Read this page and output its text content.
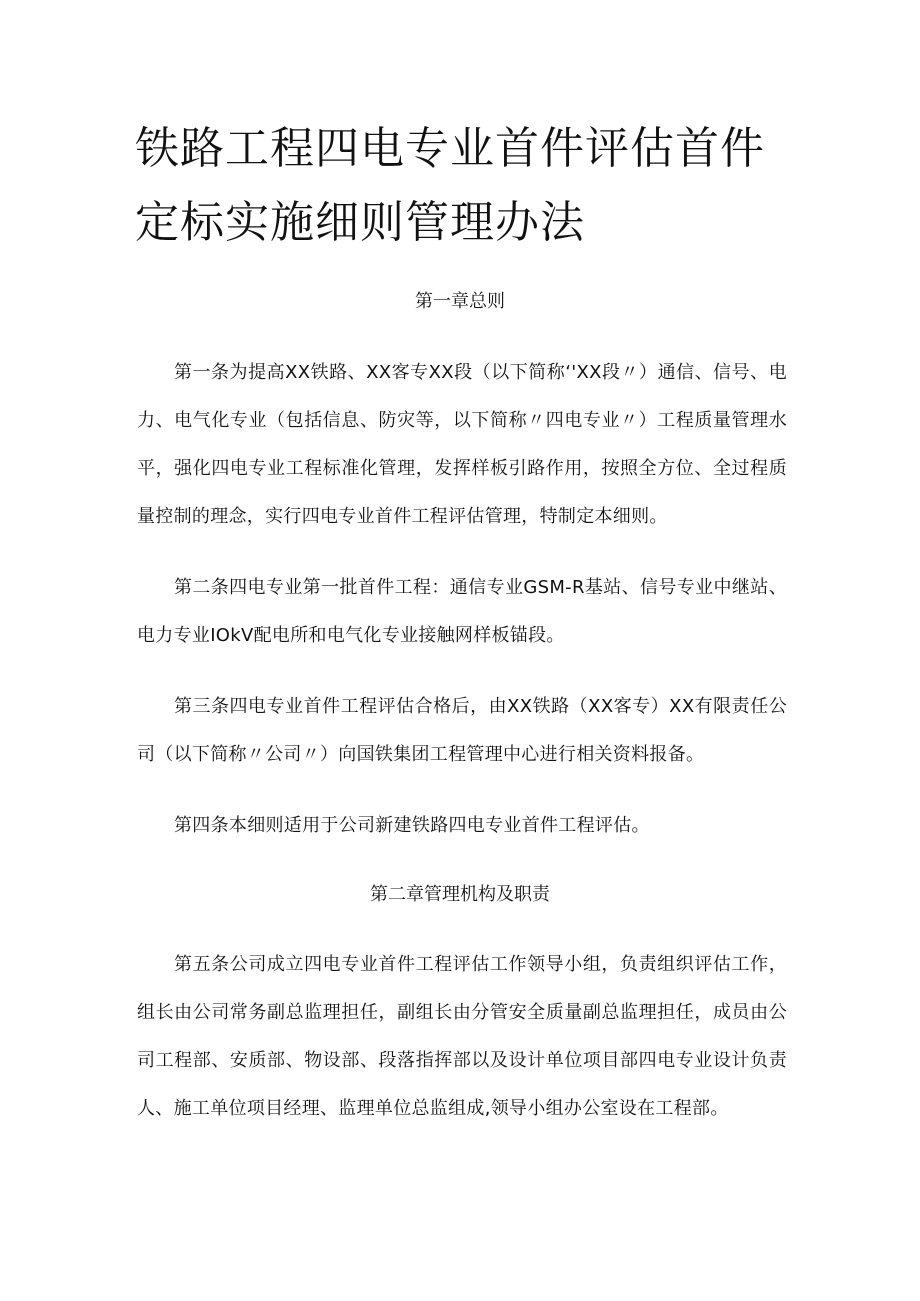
铁路工程四电专业首件评估首件定标实施细则管理办法

第一章总则

第一条为提高XX铁路、XX客专XX段（以下简称‘'XX段〃）通信、信号、电力、电气化专业（包括信息、防灾等，以下简称〃四电专业〃）工程质量管理水平，强化四电专业工程标准化管理，发挥样板引路作用，按照全方位、全过程质量控制的理念，实行四电专业首件工程评估管理，特制定本细则。

第二条四电专业第一批首件工程：通信专业GSM-R基站、信号专业中继站、电力专业IOkV配电所和电气化专业接触网样板锚段。

第三条四电专业首件工程评估合格后，由XX铁路（XX客专）XX有限责任公司（以下简称〃公司〃）向国铁集团工程管理中心进行相关资料报备。

第四条本细则适用于公司新建铁路四电专业首件工程评估。

第二章管理机构及职责

第五条公司成立四电专业首件工程评估工作领导小组，负责组织评估工作，组长由公司常务副总监理担任，副组长由分管安全质量副总监理担任，成员由公司工程部、安质部、物设部、段落指挥部以及设计单位项目部四电专业设计负责人、施工单位项目经理、监理单位总监组成,领导小组办公室设在工程部。
